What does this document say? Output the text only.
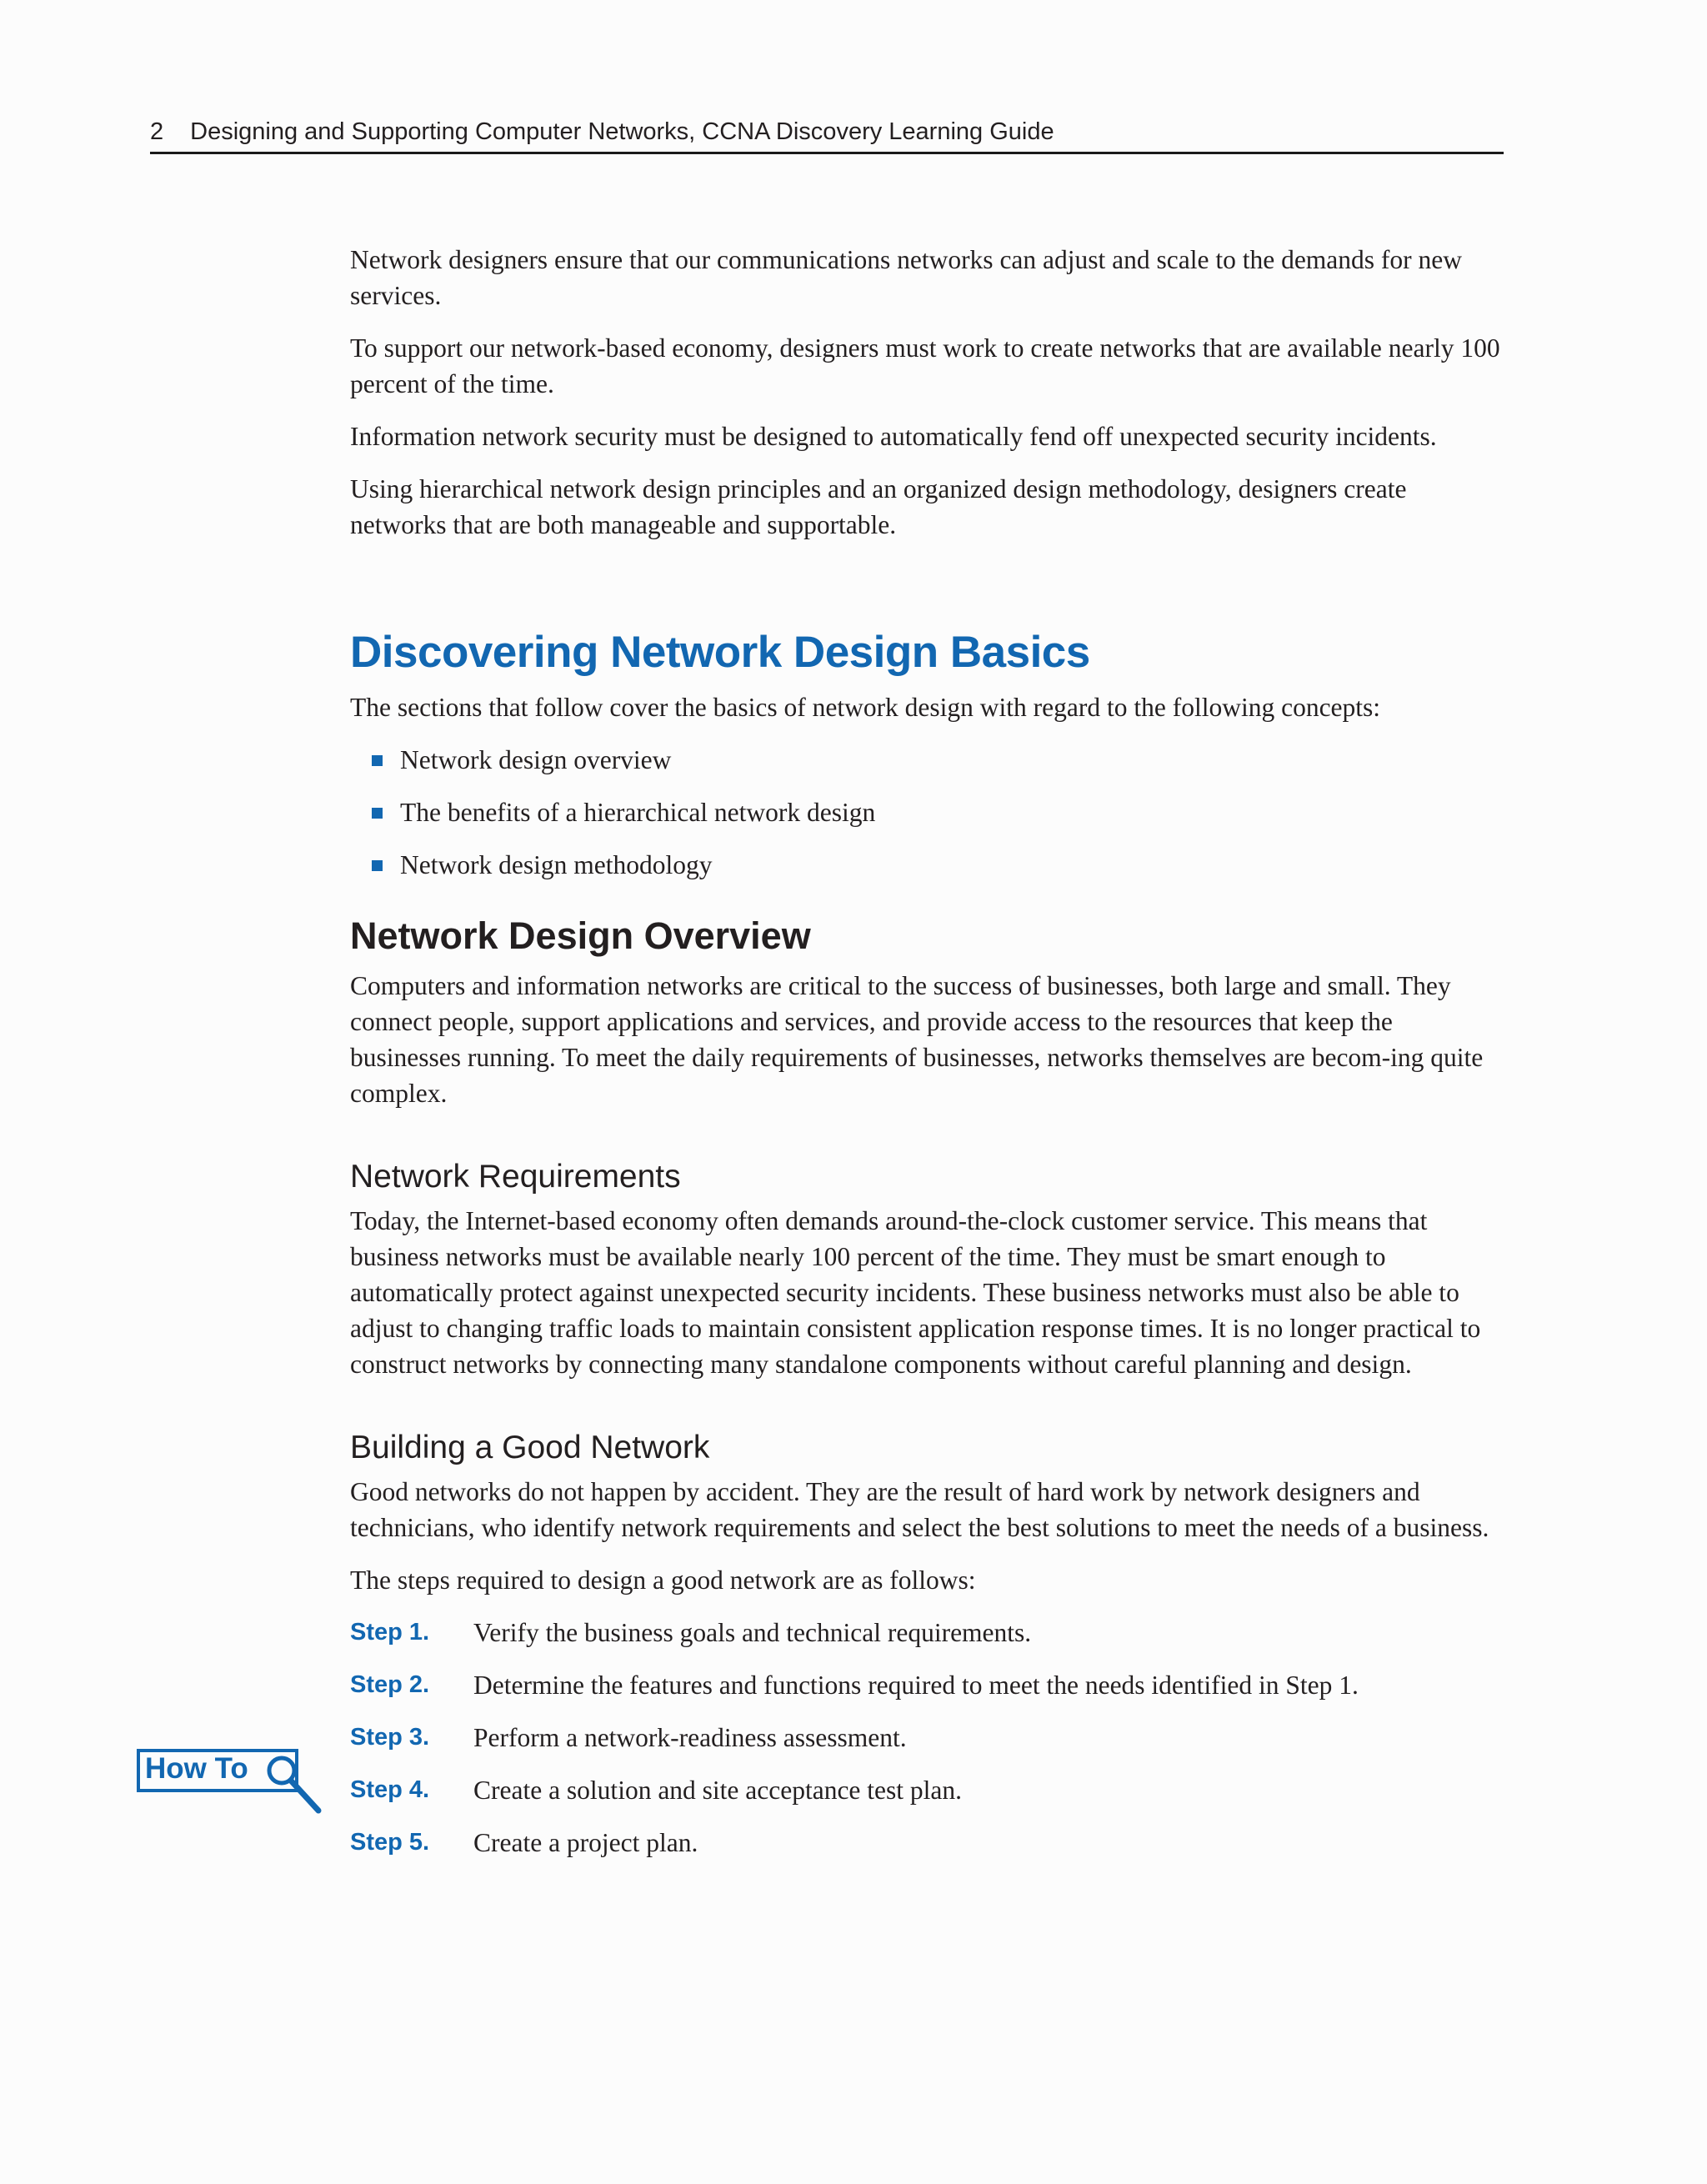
2 Designing and Supporting Computer Networks, CCNA Discovery Learning Guide
How To

Network designers ensure that our communications networks can adjust and scale to the demands for new services.

To support our network-based economy, designers must work to create networks that are available nearly 100 percent of the time.

Information network security must be designed to automatically fend off unexpected security incidents.

Using hierarchical network design principles and an organized design methodology, designers create networks that are both manageable and supportable.

Discovering Network Design Basics

The sections that follow cover the basics of network design with regard to the following concepts:

Network design overview
The benefits of a hierarchical network design
Network design methodology
Network Design Overview

Computers and information networks are critical to the success of businesses, both large and small. They connect people, support applications and services, and provide access to the resources that keep the businesses running. To meet the daily requirements of businesses, networks themselves are becom-ing quite complex.

Network Requirements

Today, the Internet-based economy often demands around-the-clock customer service. This means that business networks must be available nearly 100 percent of the time. They must be smart enough to automatically protect against unexpected security incidents. These business networks must also be able to adjust to changing traffic loads to maintain consistent application response times. It is no longer practical to construct networks by connecting many standalone components without careful planning and design.

Building a Good Network

Good networks do not happen by accident. They are the result of hard work by network designers and technicians, who identify network requirements and select the best solutions to meet the needs of a business.

The steps required to design a good network are as follows:

Step 1.	Verify the business goals and technical requirements.
Step 2.	Determine the features and functions required to meet the needs identified in Step 1.
Step 3.	Perform a network-readiness assessment.
Step 4.	Create a solution and site acceptance test plan.
Step 5.	Create a project plan.
